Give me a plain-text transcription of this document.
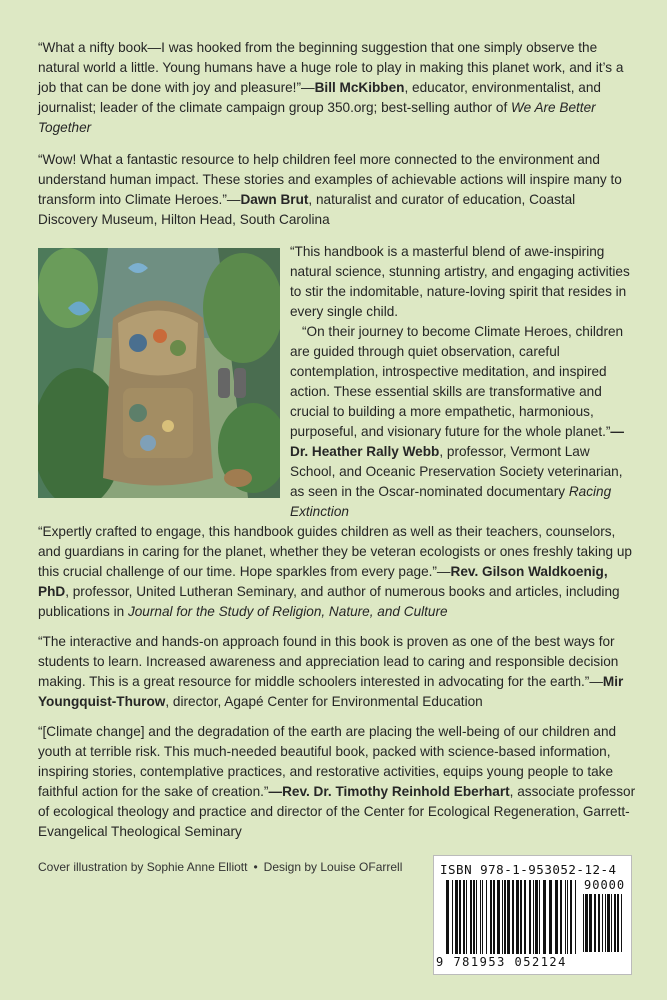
“What a nifty book—I was hooked from the beginning suggestion that one simply observe the natural world a little. Young humans have a huge role to play in making this planet work, and it’s a job that can be done with joy and pleasure!”—Bill McKibben, educator, environmentalist, and journalist; leader of the climate campaign group 350.org; best-selling author of We Are Better Together

“Wow! What a fantastic resource to help children feel more connected to the environment and understand human impact. These stories and examples of achievable actions will inspire many to transform into Climate Heroes.”—Dawn Brut, naturalist and curator of education, Coastal Discovery Museum, Hilton Head, South Carolina

“This handbook is a masterful blend of awe-inspiring natural science, stunning artistry, and engaging activities to stir the indomitable, nature-loving spirit that resides in every single child.
“On their journey to become Climate Heroes, children are guided through quiet observation, careful contemplation, introspective meditation, and inspired action. These essential skills are transformative and crucial to building a more empathetic, harmonious, purposeful, and visionary future for the whole planet.”—Dr. Heather Rally Webb, professor, Vermont Law School, and Oceanic Preservation Society veterinarian, as seen in the Oscar-nominated documentary Racing Extinction

“Expertly crafted to engage, this handbook guides children as well as their teachers, counselors, and guardians in caring for the planet, whether they be veteran ecologists or ones freshly taking up this crucial challenge of our time. Hope sparkles from every page.”—Rev. Gilson Waldkoenig, PhD, professor, United Lutheran Seminary, and author of numerous books and articles, including publications in Journal for the Study of Religion, Nature, and Culture

“The interactive and hands-on approach found in this book is proven as one of the best ways for students to learn. Increased awareness and appreciation lead to caring and responsible decision making. This is a great resource for middle schoolers interested in advocating for the earth.”—Mir Youngquist-Thurow, director, Agapé Center for Environmental Education

“[Climate change] and the degradation of the earth are placing the well-being of our children and youth at terrible risk. This much-needed beautiful book, packed with science-based information, inspiring stories, contemplative practices, and restorative activities, equips young people to take faithful action for the sake of creation.”—Rev. Dr. Timothy Reinhold Eberhart, associate professor of ecological theology and practice and director of the Center for Ecological Regeneration, Garrett-Evangelical Theological Seminary

Cover illustration by Sophie Anne Elliott • Design by Louise OFarrell	ISBN 978-1-953052-12-4
90000
9 781953 052124
